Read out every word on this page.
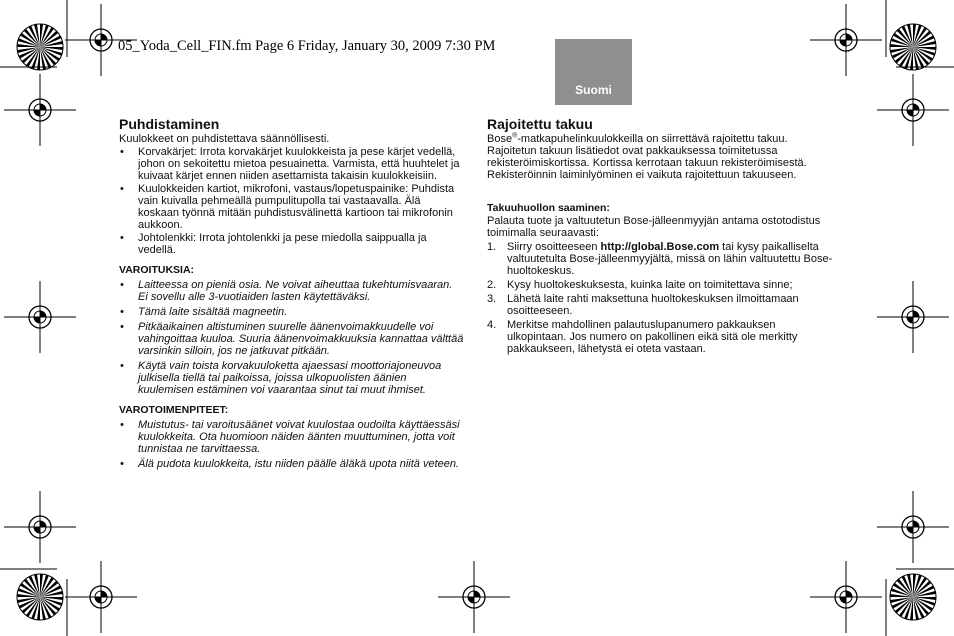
05_Yoda_Cell_FIN.fm Page 6 Friday, January 30, 2009 7:30 PM
Suomi
Puhdistaminen

Kuulokkeet on puhdistettava säännöllisesti.

• Korvakärjet: Irrota korvakärjet kuulokkeista ja pese kärjet vedellä, johon on sekoitettu mietoa pesuainetta. Varmista, että huuhtelet ja kuivaat kärjet ennen niiden asettamista takaisin kuulokkeisiin.
• Kuulokkeiden kartiot, mikrofoni, vastaus/lopetuspainike: Puhdista vain kuivalla pehmeällä pumpulitupolla tai vastaavalla. Älä koskaan työnnä mitään puhdistusvälinettä kartioon tai mikrofonin aukkoon.
• Johtolenkki: Irrota johtolenkki ja pese miedolla saippualla ja vedellä.
VAROITUKSIA:
• Laitteessa on pieniä osia. Ne voivat aiheuttaa tukehtumisvaaran. Ei sovellu alle 3-vuotiaiden lasten käytettäväksi.
• Tämä laite sisältää magneetin.
• Pitkäaikainen altistuminen suurelle äänenvoimakkuudelle voi vahingoittaa kuuloa. Suuria äänenvoimakkuuksia kannattaa välttää varsinkin silloin, jos ne jatkuvat pitkään.
• Käytä vain toista korvakuuloketta ajaessasi moottoriajoneuvoa julkisella tiellä tai paikoissa, joissa ulkopuolisten äänien kuulemisen estäminen voi vaarantaa sinut tai muut ihmiset.
VAROTOIMENPITEET:
• Muistutus- tai varoitusäänet voivat kuulostaa oudoilta käyttäessäsi kuulokkeita. Ota huomioon näiden äänten muuttuminen, jotta voit tunnistaa ne tarvittaessa.
• Älä pudota kuulokkeita, istu niiden päälle äläkä upota niitä veteen.
Rajoitettu takuu

Bose®-matkapuhelinkuulokkeilla on siirrettävä rajoitettu takuu. Rajoitetun takuun lisätiedot ovat pakkauksessa toimitetussa rekisteröimiskortissa. Kortissa kerrotaan takuun rekisteröimisestä. Rekisteröinnin laiminlyöminen ei vaikuta rajoitettuun takuuseen.

Takuuhuollon saaminen:

Palauta tuote ja valtuutetun Bose-jälleenmyyjän antama ostotodistus toimimalla seuraavasti:

1. Siirry osoitteeseen http://global.Bose.com tai kysy paikalliselta valtuutetulta Bose-jälleenmyyjältä, missä on lähin valtuutettu Bose-huoltokeskus.
2. Kysy huoltokeskuksesta, kuinka laite on toimitettava sinne;
3. Lähetä laite rahti maksettuna huoltokeskuksen ilmoittamaan osoitteeseen.
4. Merkitse mahdollinen palautuslupanumero pakkauksen ulkopintaan. Jos numero on pakollinen eikä sitä ole merkitty pakkaukseen, lähetystä ei oteta vastaan.
